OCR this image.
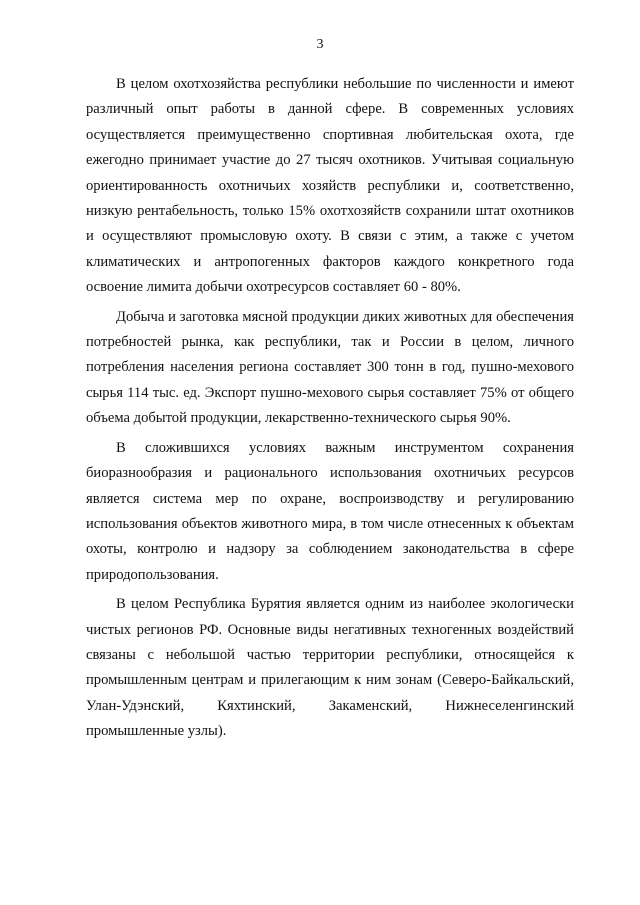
3

В целом охотхозяйства республики небольшие по численности и имеют различный опыт работы в данной сфере. В современных условиях осуществляется преимущественно спортивная любительская охота, где ежегодно принимает участие до 27 тысяч охотников. Учитывая социальную ориентированность охотничьих хозяйств республики и, соответственно, низкую рентабельность, только 15% охотхозяйств сохранили штат охотников и осуществляют промысловую охоту. В связи с этим, а также с учетом климатических и антропогенных факторов каждого конкретного года освоение лимита добычи охотресурсов составляет 60 - 80%.

Добыча и заготовка мясной продукции диких животных для обеспечения потребностей рынка, как республики, так и России в целом, личного потребления населения региона составляет 300 тонн в год, пушно-мехового сырья 114 тыс. ед. Экспорт пушно-мехового сырья составляет 75% от общего объема добытой продукции, лекарственно-технического сырья 90%.

В сложившихся условиях важным инструментом сохранения биоразнообразия и рационального использования охотничьих ресурсов является система мер по охране, воспроизводству и регулированию использования объектов животного мира, в том числе отнесенных к объектам охоты, контролю и надзору за соблюдением законодательства в сфере природопользования.

В целом Республика Бурятия является одним из наиболее экологически чистых регионов РФ. Основные виды негативных техногенных воздействий связаны с небольшой частью территории республики, относящейся к промышленным центрам и прилегающим к ним зонам (Северо-Байкальский, Улан-Удэнский, Кяхтинский, Закаменский, Нижнеселенгинский промышленные узлы).
